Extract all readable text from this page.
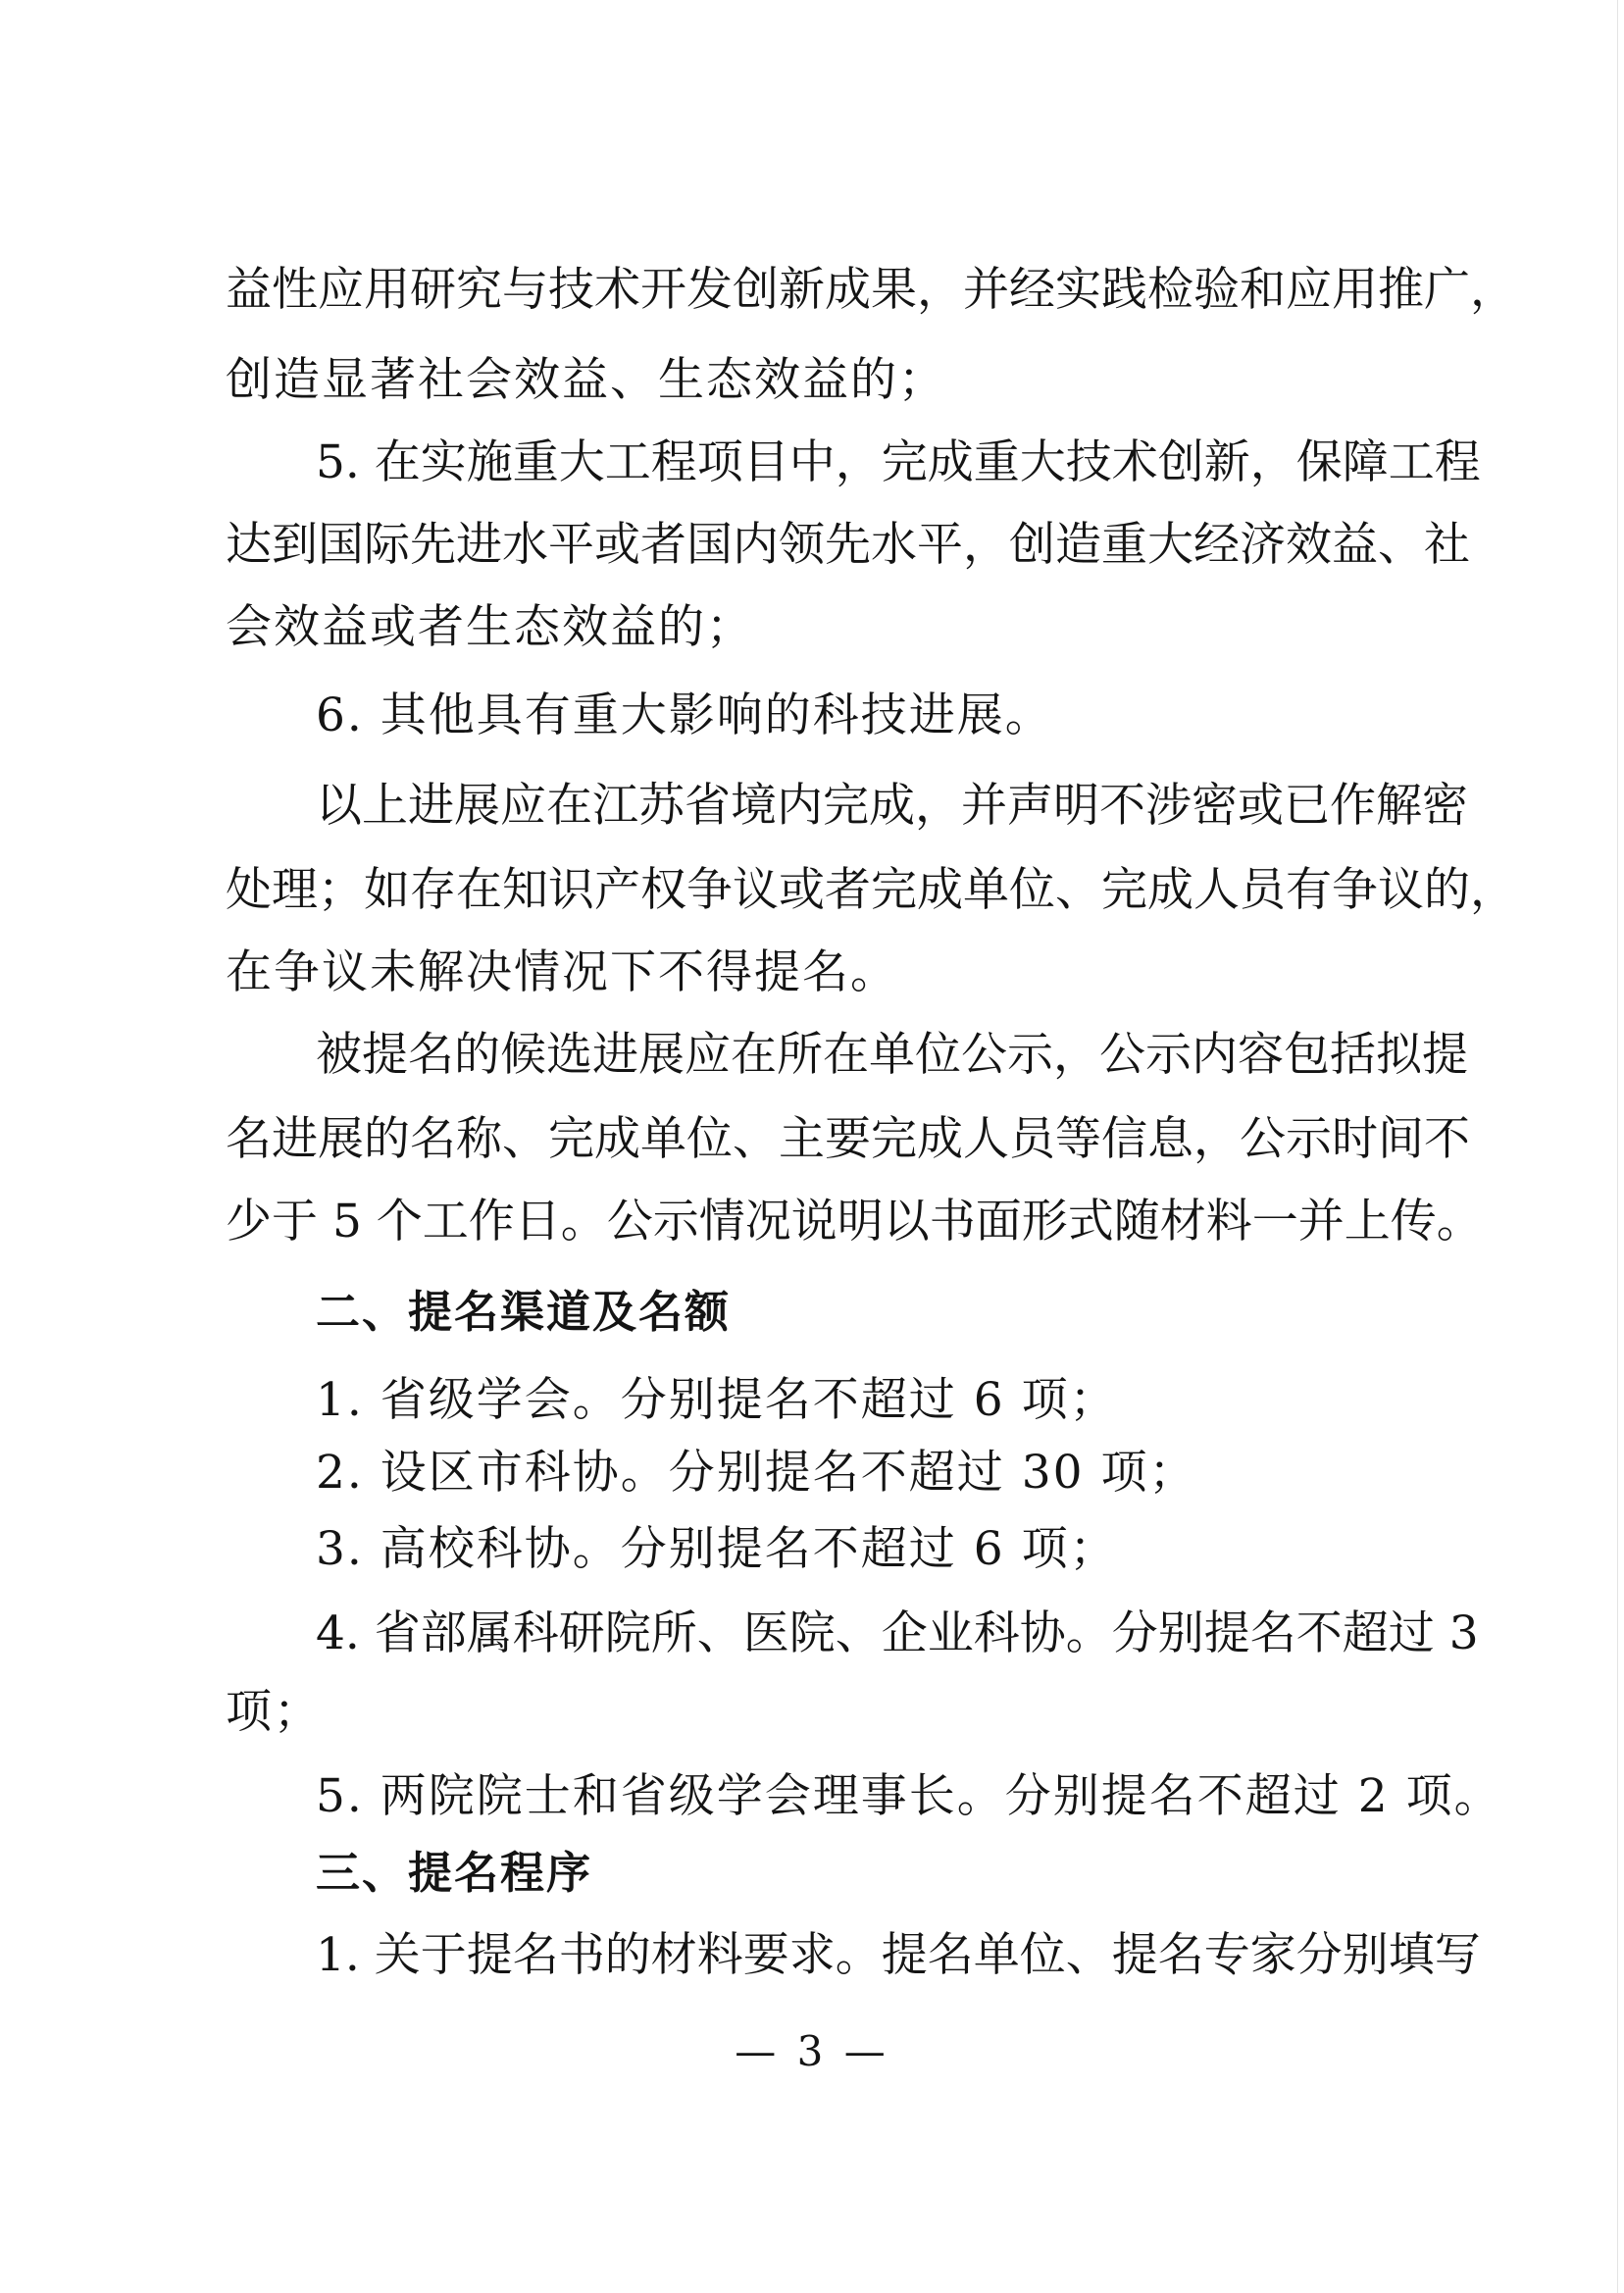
益性应用研究与技术开发创新成果，并经实践检验和应用推广，
创造显著社会效益、生态效益的；
5. 在实施重大工程项目中，完成重大技术创新，保障工程
达到国际先进水平或者国内领先水平，创造重大经济效益、社
会效益或者生态效益的；
6. 其他具有重大影响的科技进展。
以上进展应在江苏省境内完成，并声明不涉密或已作解密
处理；如存在知识产权争议或者完成单位、完成人员有争议的，
在争议未解决情况下不得提名。
被提名的候选进展应在所在单位公示，公示内容包括拟提
名进展的名称、完成单位、主要完成人员等信息，公示时间不
少于 5 个工作日。公示情况说明以书面形式随材料一并上传。
二、提名渠道及名额
1. 省级学会。分别提名不超过 6 项；
2. 设区市科协。分别提名不超过 30 项；
3. 高校科协。分别提名不超过 6 项；
4. 省部属科研院所、医院、企业科协。分别提名不超过 3
项；
5. 两院院士和省级学会理事长。分别提名不超过 2 项。
三、提名程序
1. 关于提名书的材料要求。提名单位、提名专家分别填写
— 3 —
